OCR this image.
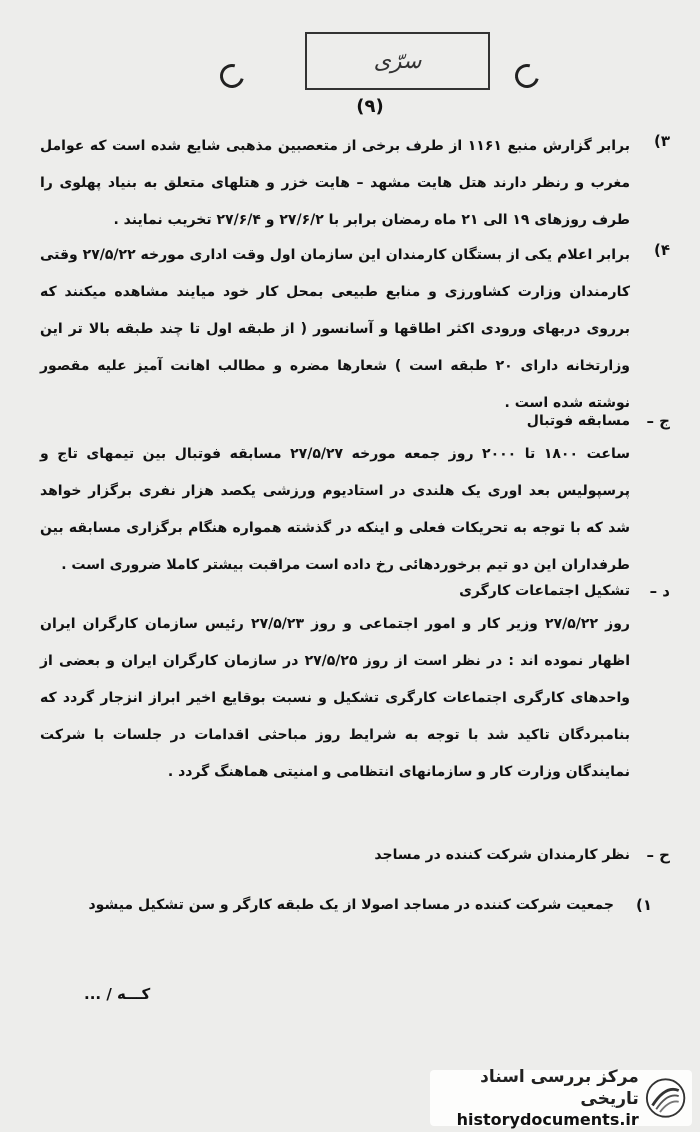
سرّی
(۹)
۳)
برابر گزارش منبع ۱۱۶۱ از طرف برخی از متعصبین مذهبی شایع شده است که عوامل مغرب و رنظر دارند هتل هایت مشهد – هایت خزر و هتلهای متعلق به بنیاد پهلوی را طرف روزهای ۱۹ الی ۲۱ ماه رمضان برابر با ۲۷/۶/۲ و ۲۷/۶/۴ تخریب نمایند .
۴)
برابر اعلام یکی از بستگان کارمندان این سازمان اول وقت اداری مورخه ۲۷/۵/۲۲ وقتی کارمندان وزارت کشاورزی و منابع طبیعی بمحل کار خود میایند مشاهده میکنند که برروی دربهای ورودی اکثر اطاقها و آسانسور ( از طبقه اول تا چند طبقه بالا تر این وزارتخانه دارای ۲۰ طبقه است ) شعارها مضره و مطالب اهانت آمیز علیه مقصور نوشته شده است .
ج –
مسابقه فوتبال
ساعت ۱۸۰۰ تا ۲۰۰۰ روز جمعه مورخه ۲۷/۵/۲۷ مسابقه فوتبال بین تیمهای تاج و پرسپولیس بعد اوری یک هلندی در استادیوم ورزشی یکصد هزار نفری برگزار خواهد شد که با توجه به تحریکات فعلی و اینکه در گذشته همواره هنگام برگزاری مسابقه بین طرفداران این دو تیم برخوردهائی رخ داده است مراقبت بیشتر کاملا ضروری است .
د –
تشکیل اجتماعات کارگری
روز ۲۷/۵/۲۲ وزیر کار و امور اجتماعی و روز ۲۷/۵/۲۳ رئیس سازمان کارگران ایران اظهار نموده اند : در نظر است از روز ۲۷/۵/۲۵ در سازمان کارگران ایران و بعضی از واحدهای کارگری اجتماعات کارگری تشکیل و نسبت بوقایع اخیر ابراز انزجار گردد که بنامبردگان تاکید شد با توجه به شرایط روز مباحثی اقدامات در جلسات با شرکت نمایندگان وزارت کار و سازمانهای انتظامی و امنیتی هماهنگ گردد .
ح –
نظر کارمندان شرکت کننده در مساجد
۱)
جمعیت شرکت کننده در مساجد اصولا از یک طبقه کارگر و سن تشکیل میشود
کـــه / ...
مرکز بررسی اسناد تاریخی
historydocuments.ir
